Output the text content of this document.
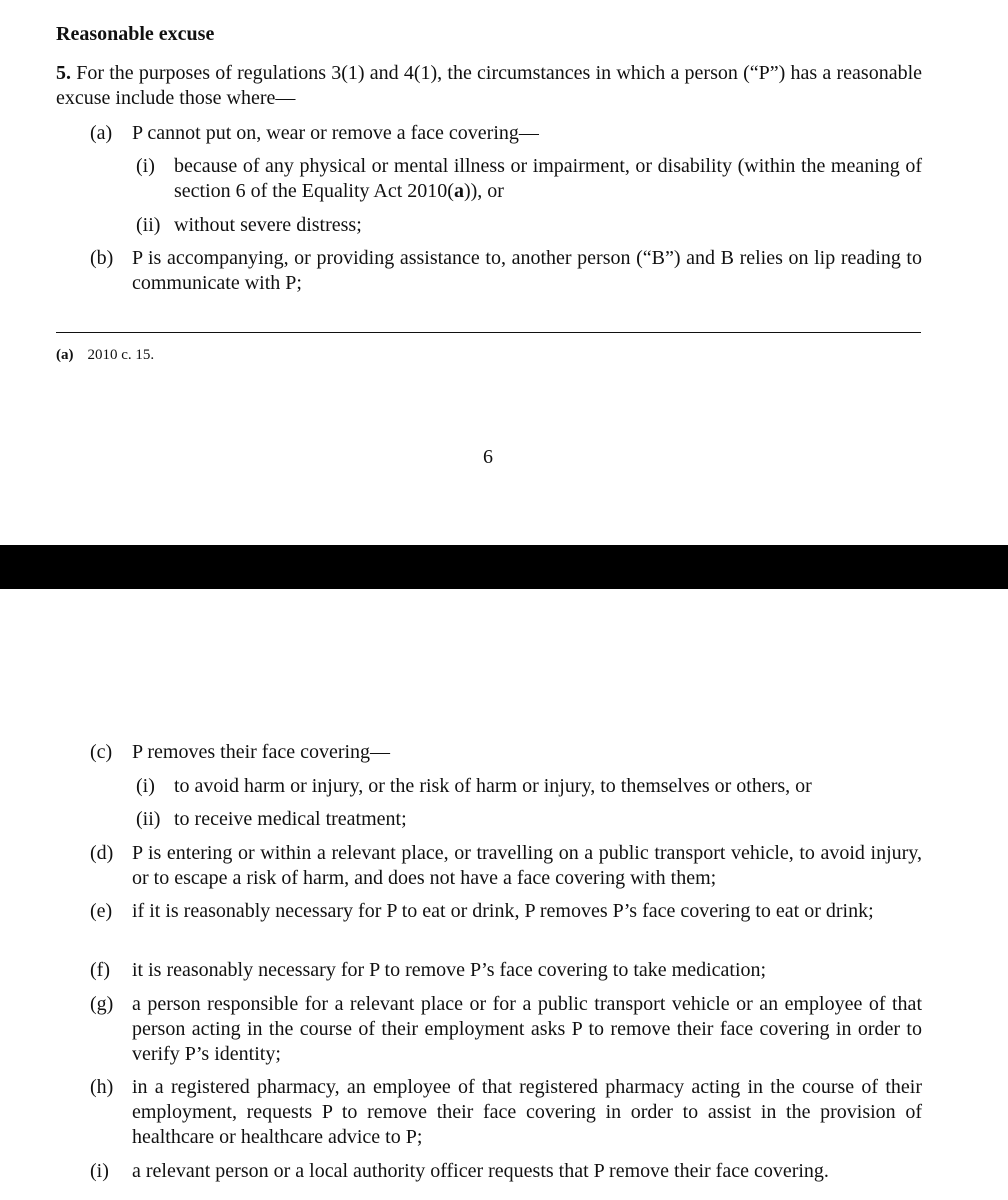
Reasonable excuse
5. For the purposes of regulations 3(1) and 4(1), the circumstances in which a person (“P”) has a reasonable excuse include those where—
(a) P cannot put on, wear or remove a face covering—
(i) because of any physical or mental illness or impairment, or disability (within the meaning of section 6 of the Equality Act 2010(a)), or
(ii) without severe distress;
(b) P is accompanying, or providing assistance to, another person (“B”) and B relies on lip reading to communicate with P;
(a) 2010 c. 15.
6
(c) P removes their face covering—
(i) to avoid harm or injury, or the risk of harm or injury, to themselves or others, or
(ii) to receive medical treatment;
(d) P is entering or within a relevant place, or travelling on a public transport vehicle, to avoid injury, or to escape a risk of harm, and does not have a face covering with them;
(e) if it is reasonably necessary for P to eat or drink, P removes P’s face covering to eat or drink;
(f) it is reasonably necessary for P to remove P’s face covering to take medication;
(g) a person responsible for a relevant place or for a public transport vehicle or an employee of that person acting in the course of their employment asks P to remove their face covering in order to verify P’s identity;
(h) in a registered pharmacy, an employee of that registered pharmacy acting in the course of their employment, requests P to remove their face covering in order to assist in the provision of healthcare or healthcare advice to P;
(i) a relevant person or a local authority officer requests that P remove their face covering.
